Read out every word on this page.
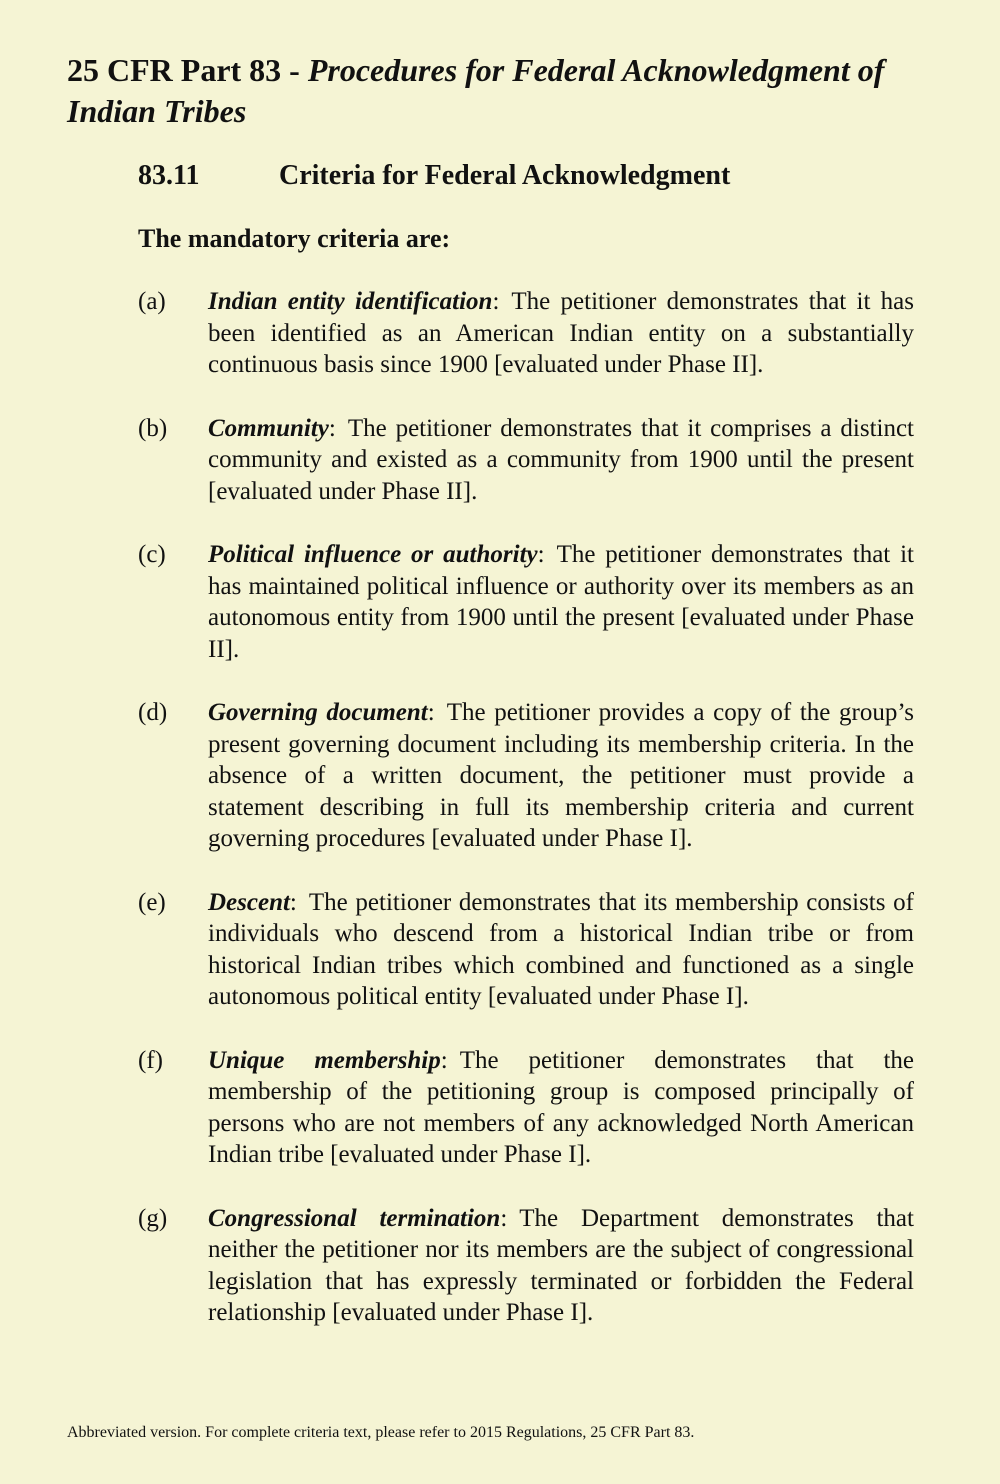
25 CFR Part 83 - Procedures for Federal Acknowledgment of Indian Tribes
83.11	Criteria for Federal Acknowledgment

The mandatory criteria are:

(a) Indian entity identification: The petitioner demonstrates that it has been identified as an American Indian entity on a substantially continuous basis since 1900 [evaluated under Phase II].
(b) Community: The petitioner demonstrates that it comprises a distinct community and existed as a community from 1900 until the present [evaluated under Phase II].
(c) Political influence or authority: The petitioner demonstrates that it has maintained political influence or authority over its members as an autonomous entity from 1900 until the present [evaluated under Phase II].
(d) Governing document: The petitioner provides a copy of the group’s present governing document including its membership criteria. In the absence of a written document, the petitioner must provide a statement describing in full its membership criteria and current governing procedures [evaluated under Phase I].
(e) Descent: The petitioner demonstrates that its membership consists of individuals who descend from a historical Indian tribe or from historical Indian tribes which combined and functioned as a single autonomous political entity [evaluated under Phase I].
(f) Unique membership: The petitioner demonstrates that the membership of the petitioning group is composed principally of persons who are not members of any acknowledged North American Indian tribe [evaluated under Phase I].
(g) Congressional termination: The Department demonstrates that neither the petitioner nor its members are the subject of congressional legislation that has expressly terminated or forbidden the Federal relationship [evaluated under Phase I].

Abbreviated version. For complete criteria text, please refer to 2015 Regulations, 25 CFR Part 83.
